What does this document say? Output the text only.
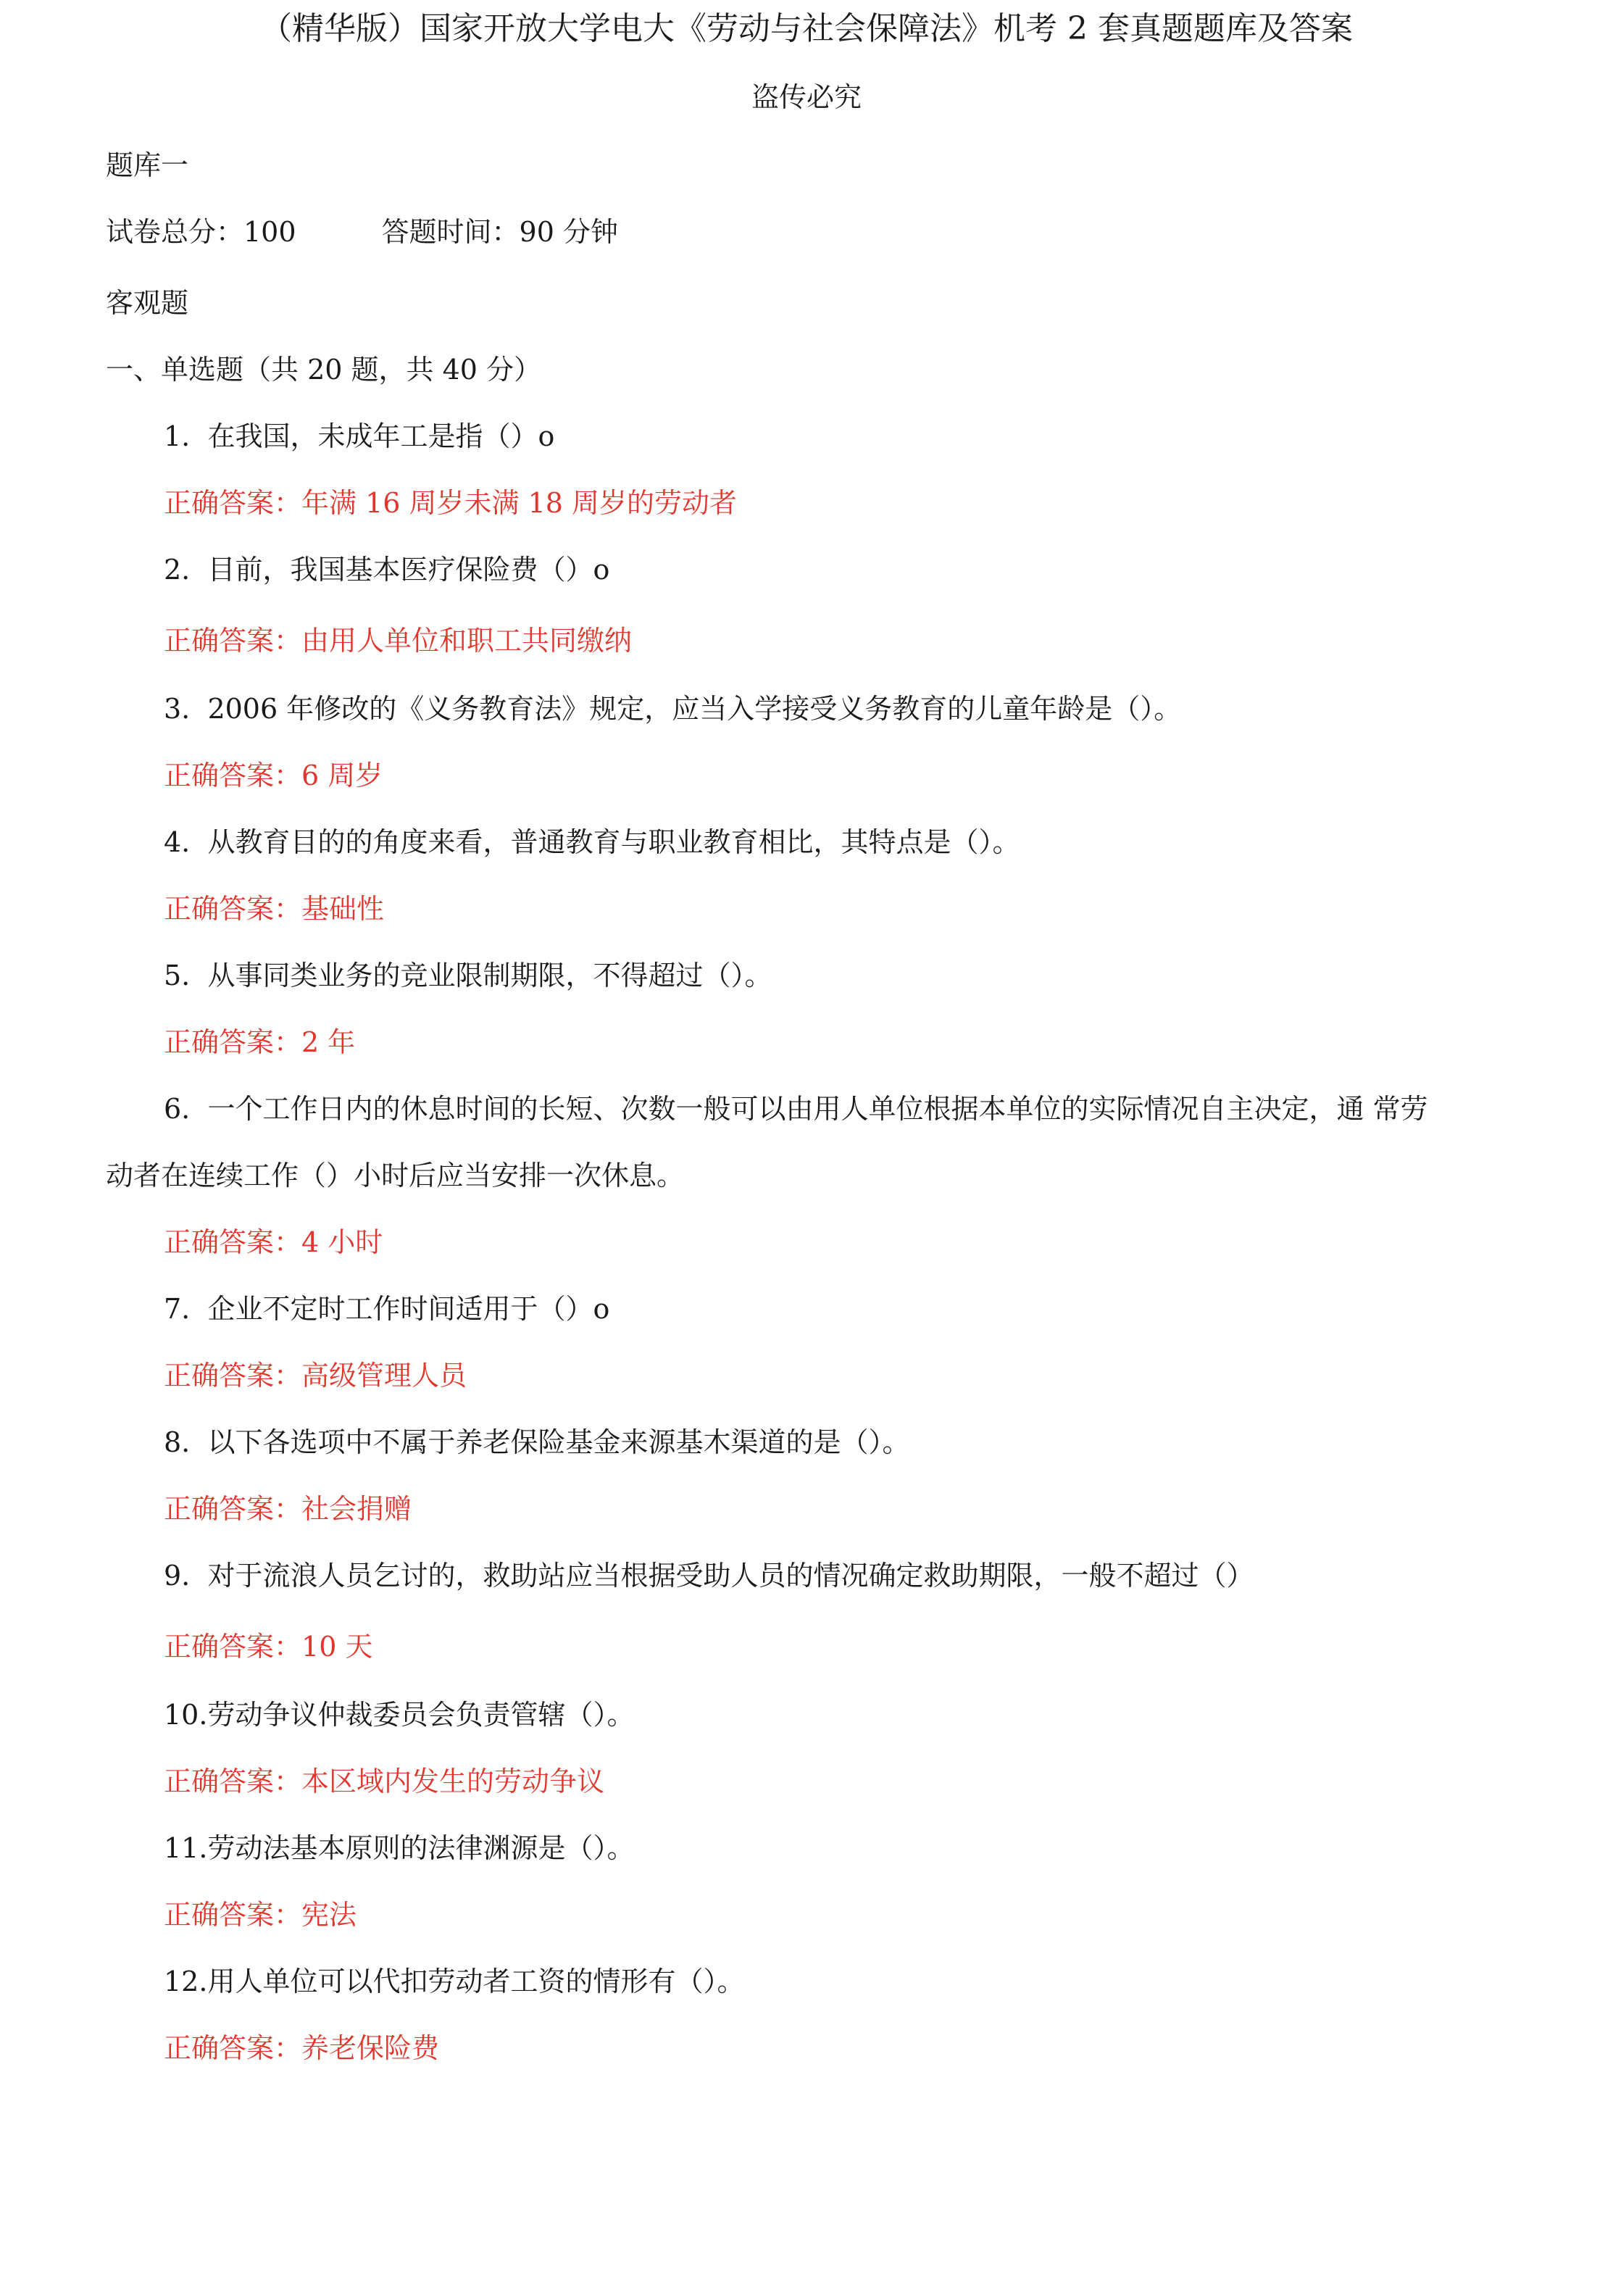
（精华版）国家开放大学电大《劳动与社会保障法》机考 2 套真题题库及答案
盗传必究
题库一
试卷总分：100	答题时间：90 分钟
客观题
一、单选题（共 20 题，共 40 分）
1. 在我国，未成年工是指（）o
正确答案：年满 16 周岁未满 18 周岁的劳动者
2. 目前，我国基本医疗保险费（）o
正确答案：由用人单位和职工共同缴纳
3. 2006 年修改的《义务教育法》规定，应当入学接受义务教育的儿童年龄是（）。
正确答案：6 周岁
4. 从教育目的的角度来看，普通教育与职业教育相比，其特点是（）。
正确答案：基础性
5. 从事同类业务的竞业限制期限，不得超过（）。
正确答案：2 年
6. 一个工作日内的休息时间的长短、次数一般可以由用人单位根据本单位的实际情况自主决定，通 常劳
动者在连续工作（）小时后应当安排一次休息。
正确答案：4 小时
7. 企业不定时工作时间适用于（）o
正确答案：高级管理人员
8. 以下各选项中不属于养老保险基金来源基木渠道的是（）。
正确答案：社会捐赠
9. 对于流浪人员乞讨的，救助站应当根据受助人员的情况确定救助期限，一般不超过（）
正确答案：10 天
10.劳动争议仲裁委员会负责管辖（）。
正确答案：本区域内发生的劳动争议
11.劳动法基本原则的法律渊源是（）。
正确答案：宪法
12.用人单位可以代扣劳动者工资的情形有（）。
正确答案：养老保险费
